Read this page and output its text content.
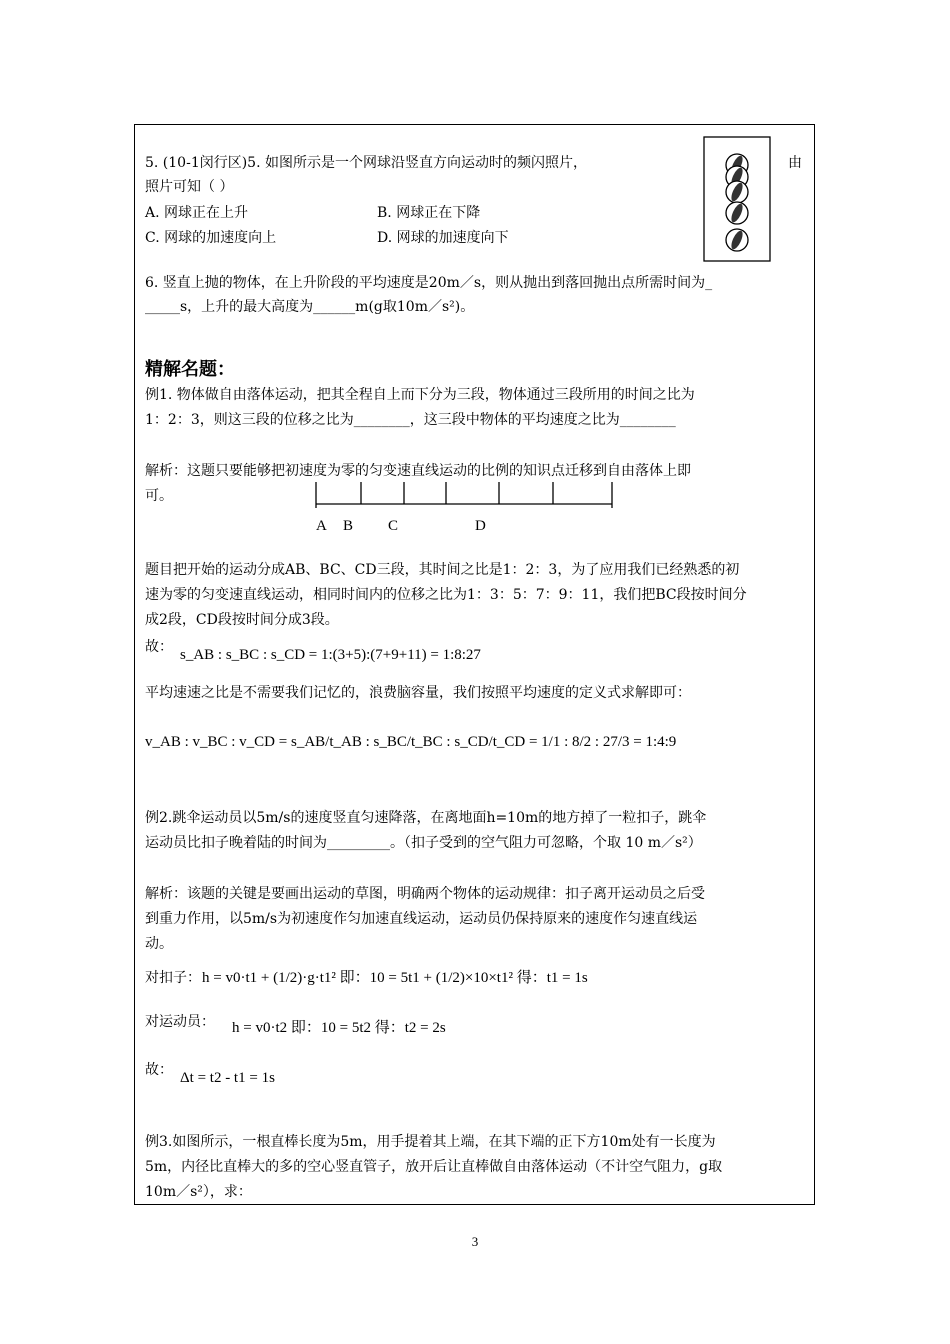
5. (10-1闵行区)5. 如图所示是一个网球沿竖直方向运动时的频闪照片，	由
照片可知（ ）
A. 网球正在上升	B. 网球正在下降
C. 网球的加速度向上	D. 网球的加速度向下
6. 竖直上抛的物体，在上升阶段的平均速度是20m／s，则从抛出到落回抛出点所需时间为_
_____s，上升的最大高度为______m(g取10m／s²)。
精解名题：
例1. 物体做自由落体运动，把其全程自上而下分为三段，物体通过三段所用的时间之比为
1：2：3，则这三段的位移之比为________，这三段中物体的平均速度之比为________
解析：这题只要能够把初速度为零的匀变速直线运动的比例的知识点迁移到自由落体上即
可。
A B C	D
题目把开始的运动分成AB、BC、CD三段，其时间之比是1：2：3，为了应用我们已经熟悉的初
速为零的匀变速直线运动，相同时间内的位移之比为1：3：5：7：9：11，我们把BC段按时间分
成2段，CD段按时间分成3段。
故： s_AB : s_BC : s_CD = 1:(3+5):(7+9+11) = 1:8:27
平均速速之比是不需要我们记忆的，浪费脑容量，我们按照平均速度的定义式求解即可：
v_AB : v_BC : v_CD = s_AB/t_AB : s_BC/t_BC : s_CD/t_CD = 1/1 : 8/2 : 27/3 = 1:4:9
例2.跳伞运动员以5m/s的速度竖直匀速降落，在离地面h=10m的地方掉了一粒扣子，跳伞
运动员比扣子晚着陆的时间为_________。（扣子受到的空气阻力可忽略，个取 10 m／s²）
解析：该题的关键是要画出运动的草图，明确两个物体的运动规律：扣子离开运动员之后受
到重力作用，以5m/s为初速度作匀加速直线运动，运动员仍保持原来的速度作匀速直线运
动。
对扣子： h = v0·t1 + (1/2)·g·t1² 即：10 = 5t1 + (1/2)×10×t1² 得：t1 = 1s
对运动员： h = v0·t2 即：10 = 5t2 得：t2 = 2s
故： Δt = t2 - t1 = 1s
例3.如图所示，一根直棒长度为5m，用手提着其上端，在其下端的正下方10m处有一长度为
5m，内径比直棒大的多的空心竖直管子，放开后让直棒做自由落体运动（不计空气阻力，g取
10m／s²），求：
3
